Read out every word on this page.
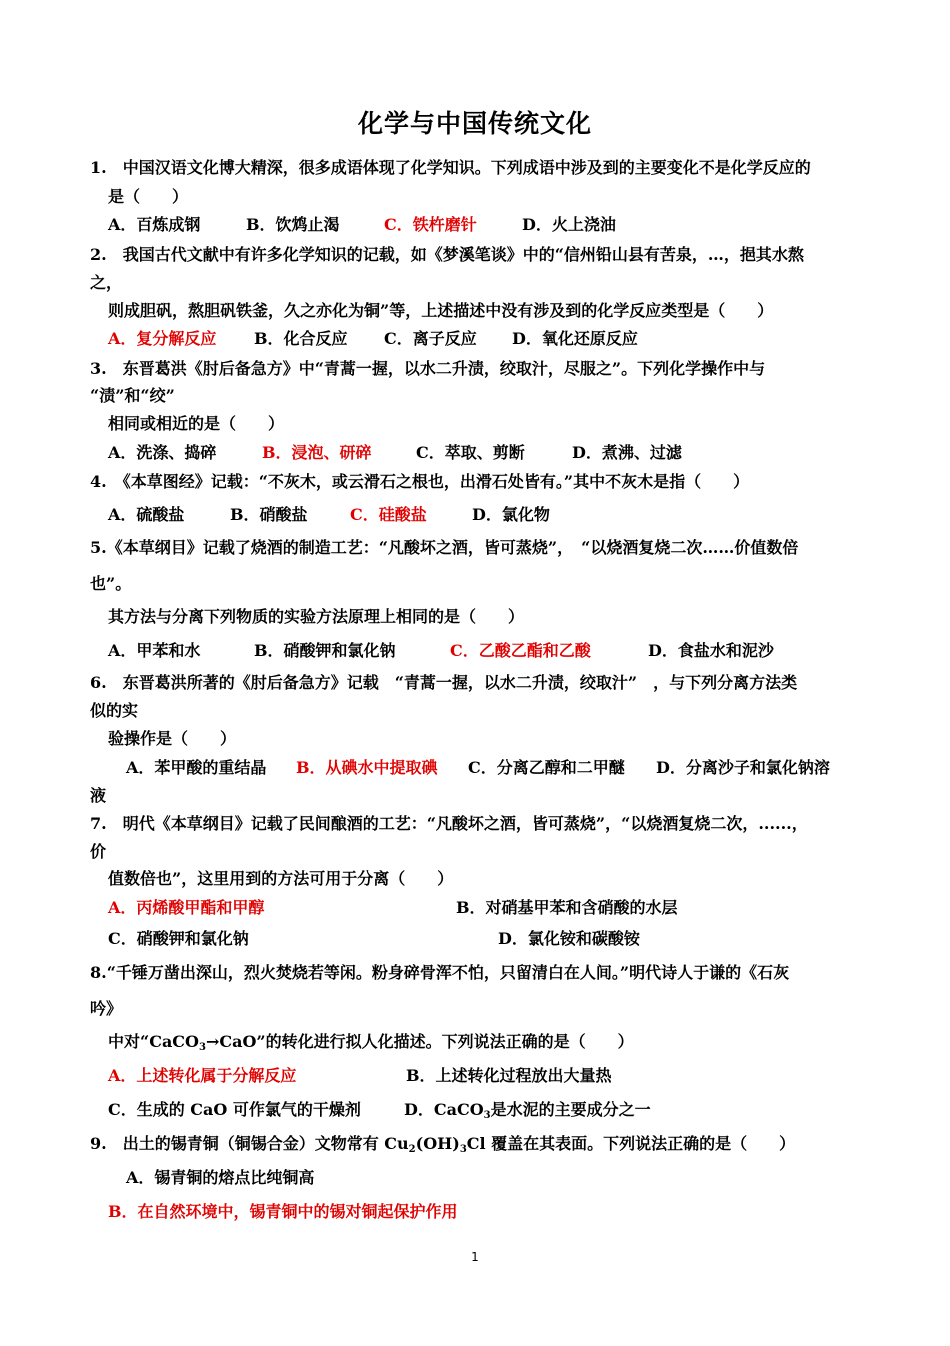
化学与中国传统文化
1.　中国汉语文化博大精深，很多成语体现了化学知识。下列成语中涉及到的主要变化不是化学反应的
是（　　）
A．百炼成钢	B．饮鸩止渴	C．铁杵磨针	D．火上浇油
2.　我国古代文献中有许多化学知识的记载，如《梦溪笔谈》中的“信州铅山县有苦泉，…，挹其水熬
之，
则成胆矾，熬胆矾铁釜，久之亦化为铜”等，上述描述中没有涉及到的化学反应类型是（　　）
A．复分解反应 B．化合反应 C．离子反应 D．氧化还原反应
3.　东晋葛洪《肘后备急方》中“青蒿一握，以水二升渍，绞取汁，尽服之”。下列化学操作中与
“渍”和“绞”
相同或相近的是（　　）
A．洗涤、捣碎	B．浸泡、研碎	C．萃取、剪断	D．煮沸、过滤
4.　《本草图经》记载：“不灰木，或云滑石之根也，出滑石处皆有。”其中不灰木是指（　　）
A．硫酸盐	B．硝酸盐	C．硅酸盐	D．氯化物
5.《本草纲目》记载了烧酒的制造工艺：“凡酸坏之酒，皆可蒸烧”，　“以烧酒复烧二次……价值数倍
也”。
其方法与分离下列物质的实验方法原理上相同的是（　　）
A．甲苯和水	B．硝酸钾和氯化钠	C．乙酸乙酯和乙酸	D．食盐水和泥沙
6.　东晋葛洪所著的《肘后备急方》记载　“青蒿一握，以水二升渍，绞取汁”　，与下列分离方法类
似的实
验操作是（　　）
A．苯甲酸的重结晶 B．从碘水中提取碘 C．分离乙醇和二甲醚 D．分离沙子和氯化钠溶
液
7.　明代《本草纲目》记载了民间酿酒的工艺：“凡酸坏之酒，皆可蒸烧”，“以烧酒复烧二次，......，
价
值数倍也”，这里用到的方法可用于分离（　　）
A．丙烯酸甲酯和甲醇	B．对硝基甲苯和含硝酸的水层
C．硝酸钾和氯化钠	D．氯化铵和碳酸铵
8.“千锤万凿出深山，烈火焚烧若等闲。粉身碎骨浑不怕，只留清白在人间。”明代诗人于谦的《石灰
吟》
中对“CaCO$_3$→CaO”的转化进行拟人化描述。下列说法正确的是（　　）
A．上述转化属于分解反应	B．上述转化过程放出大量热
C．生成的 CaO 可作氯气的干燥剂	D．CaCO$_3$是水泥的主要成分之一
9.　出土的锡青铜（铜锡合金）文物常有 $Cu_2(OH)_3Cl$ 覆盖在其表面。下列说法正确的是（　　）
A．锡青铜的熔点比纯铜高
B．在自然环境中，锡青铜中的锡对铜起保护作用
1
